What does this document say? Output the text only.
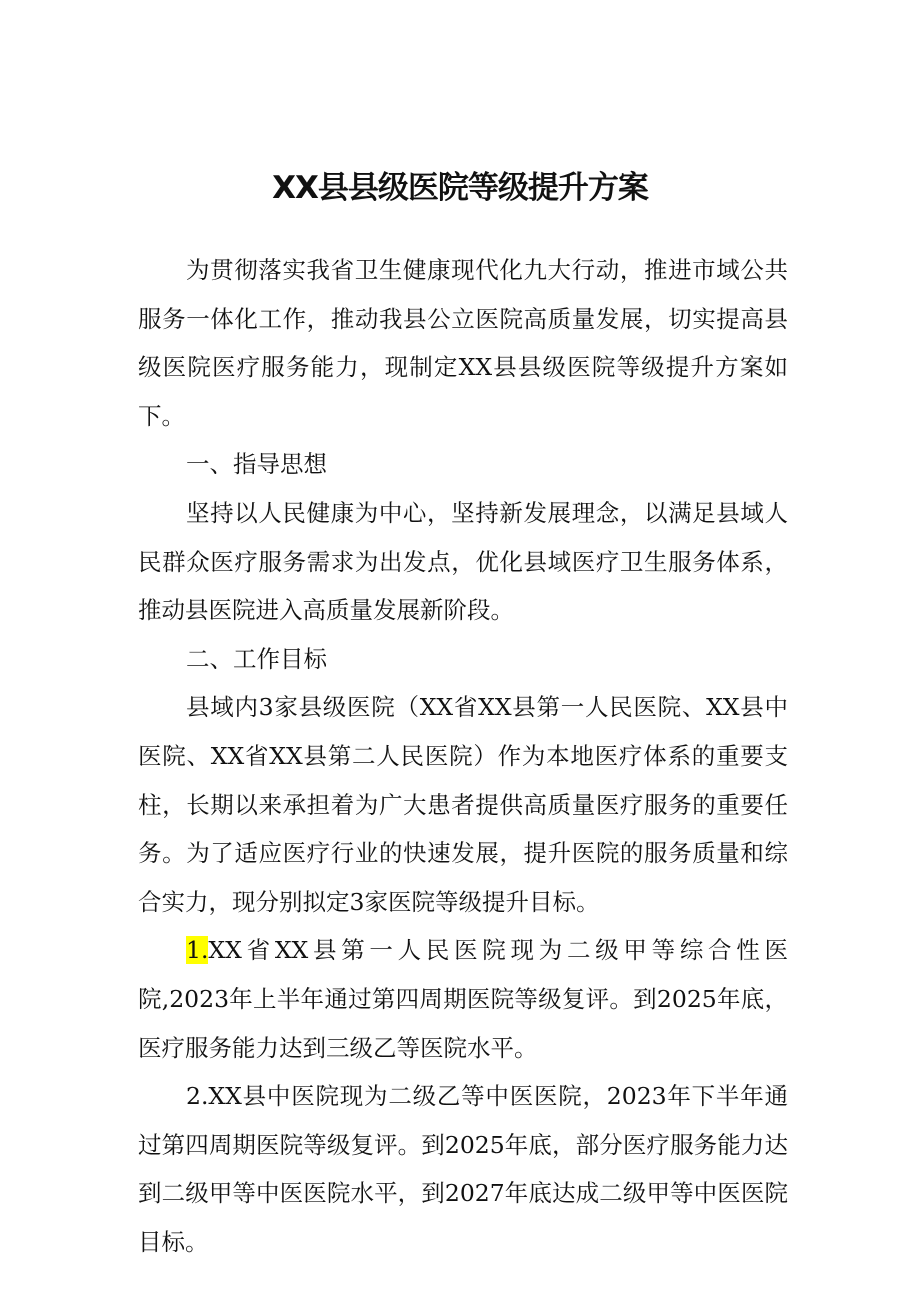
XX县县级医院等级提升方案

为贯彻落实我省卫生健康现代化九大行动，推进市域公共服务一体化工作，推动我县公立医院高质量发展，切实提高县级医院医疗服务能力，现制定XX县县级医院等级提升方案如下。

一、指导思想

坚持以人民健康为中心，坚持新发展理念，以满足县域人民群众医疗服务需求为出发点，优化县域医疗卫生服务体系，推动县医院进入高质量发展新阶段。

二、工作目标

县域内3家县级医院（XX省XX县第一人民医院、XX县中医院、XX省XX县第二人民医院）作为本地医疗体系的重要支柱，长期以来承担着为广大患者提供高质量医疗服务的重要任务。为了适应医疗行业的快速发展，提升医院的服务质量和综合实力，现分别拟定3家医院等级提升目标。

1.XX省XX县第一人民医院现为二级甲等综合性医院,2023年上半年通过第四周期医院等级复评。到2025年底，医疗服务能力达到三级乙等医院水平。

2.XX县中医院现为二级乙等中医医院，2023年下半年通过第四周期医院等级复评。到2025年底，部分医疗服务能力达到二级甲等中医医院水平，到2027年底达成二级甲等中医医院目标。
